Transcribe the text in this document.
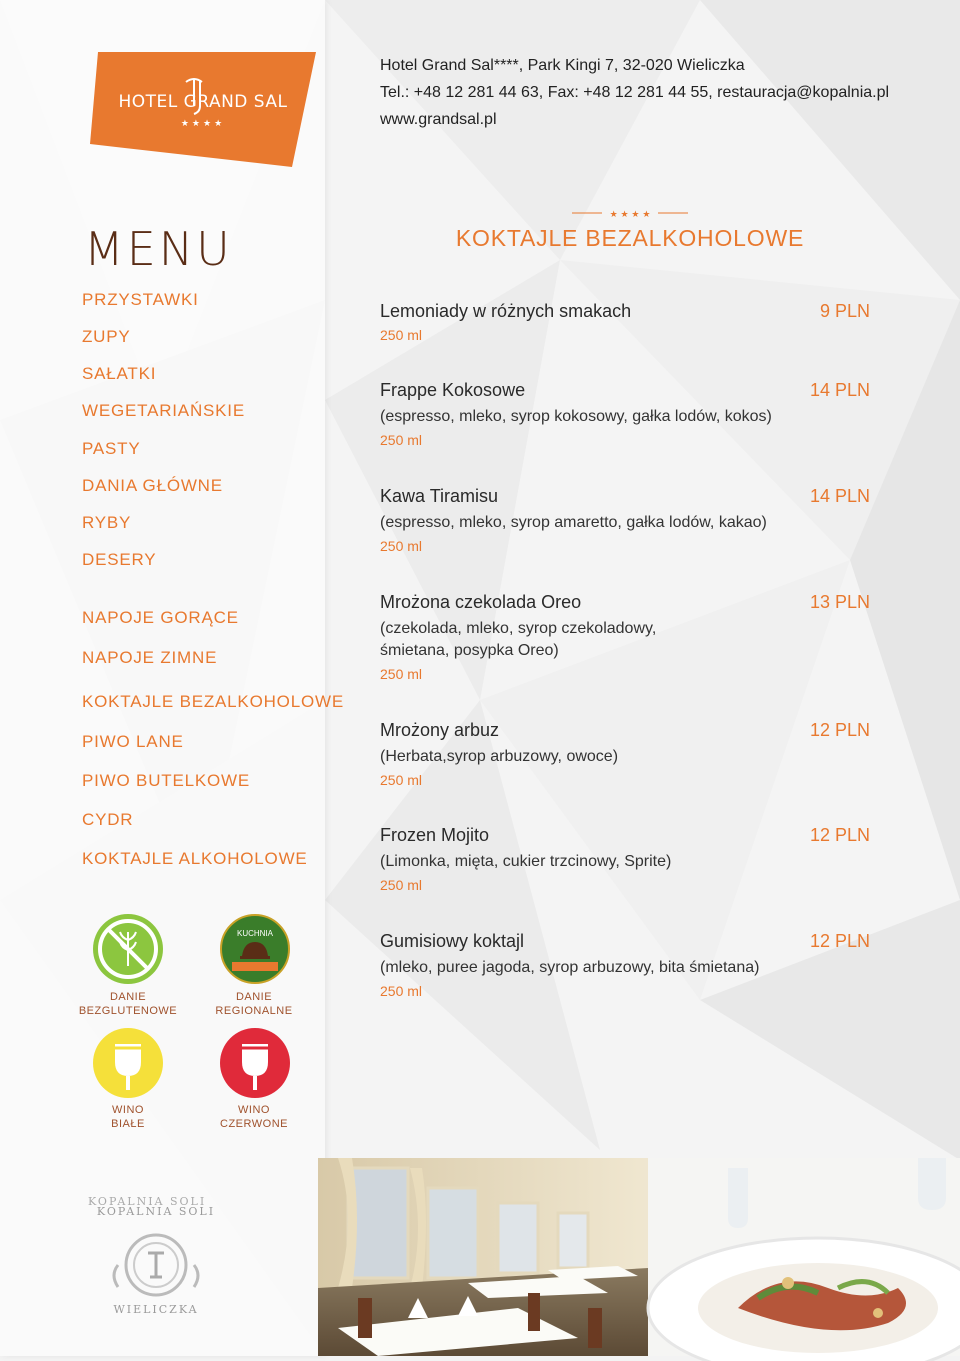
HOTEL GRAND SAL
★★★★
Hotel Grand Sal****, Park Kingi 7, 32-020 Wieliczka
Tel.: +48 12 281 44 63, Fax: +48 12 281 44 55, restauracja@kopalnia.pl
www.grandsal.pl
MENU
PRZYSTAWKI
ZUPY
SAŁATKI
WEGETARIAŃSKIE
PASTY
DANIA GŁÓWNE
RYBY
DESERY
NAPOJE GORĄCE
NAPOJE ZIMNE
KOKTAJLE BEZALKOHOLOWE
PIWO LANE
PIWO BUTELKOWE
CYDR
KOKTAJLE ALKOHOLOWE
DANIE
BEZGLUTENOWE
KUCHNIA
DANIE
REGIONALNE
WINO
BIAŁE
WINO
CZERWONE
KOPALNIA SOLI
KOPALNIA SOLI
WIELICZKA
★ ★ ★ ★
KOKTAJLE BEZALKOHOLOWE
Lemoniady w różnych smakach
250 ml
9 PLN
Frappe Kokosowe
(espresso, mleko, syrop kokosowy, gałka lodów, kokos)
250 ml
14 PLN
Kawa Tiramisu
(espresso, mleko, syrop amaretto, gałka lodów, kakao)
250 ml
14 PLN
Mrożona czekolada Oreo
(czekolada, mleko, syrop czekoladowy,
śmietana, posypka Oreo)
250 ml
13 PLN
Mrożony arbuz
(Herbata,syrop arbuzowy, owoce)
250 ml
12 PLN
Frozen Mojito
(Limonka, mięta, cukier trzcinowy, Sprite)
250 ml
12 PLN
Gumisiowy koktajl
(mleko, puree jagoda, syrop arbuzowy, bita śmietana)
250 ml
12 PLN
